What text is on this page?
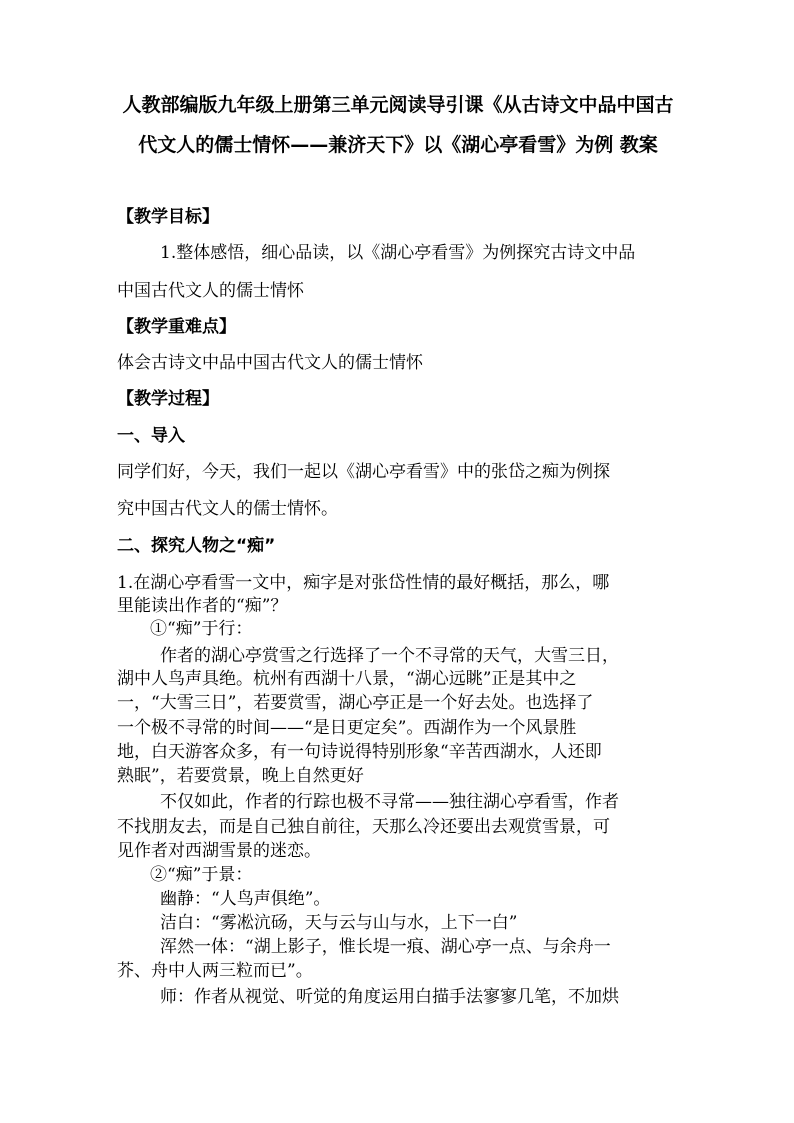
人教部编版九年级上册第三单元阅读导引课《从古诗文中品中国古
代文人的儒士情怀——兼济天下》以《湖心亭看雪》为例 教案
【教学目标】
1.整体感悟，细心品读，以《湖心亭看雪》为例探究古诗文中品
中国古代文人的儒士情怀
【教学重难点】
体会古诗文中品中国古代文人的儒士情怀
【教学过程】
一、导入
同学们好，今天，我们一起以《湖心亭看雪》中的张岱之痴为例探
究中国古代文人的儒士情怀。
二、探究人物之“痴”
1.在湖心亭看雪一文中，痴字是对张岱性情的最好概括，那么，哪
里能读出作者的“痴”？
①“痴”于行：
作者的湖心亭赏雪之行选择了一个不寻常的天气，大雪三日，
湖中人鸟声具绝。杭州有西湖十八景，“湖心远眺”正是其中之
一，“大雪三日”，若要赏雪，湖心亭正是一个好去处。也选择了
一个极不寻常的时间——“是日更定矣”。西湖作为一个风景胜
地，白天游客众多，有一句诗说得特别形象“辛苦西湖水，人还即
熟眠”，若要赏景，晚上自然更好
不仅如此，作者的行踪也极不寻常——独往湖心亭看雪，作者
不找朋友去，而是自己独自前往，天那么冷还要出去观赏雪景，可
见作者对西湖雪景的迷恋。
②“痴”于景：
幽静：“人鸟声俱绝”。
洁白：“雾凇沆砀，天与云与山与水，上下一白”
浑然一体：“湖上影子，惟长堤一痕、湖心亭一点、与余舟一
芥、舟中人两三粒而已”。
师：作者从视觉、听觉的角度运用白描手法寥寥几笔，不加烘
